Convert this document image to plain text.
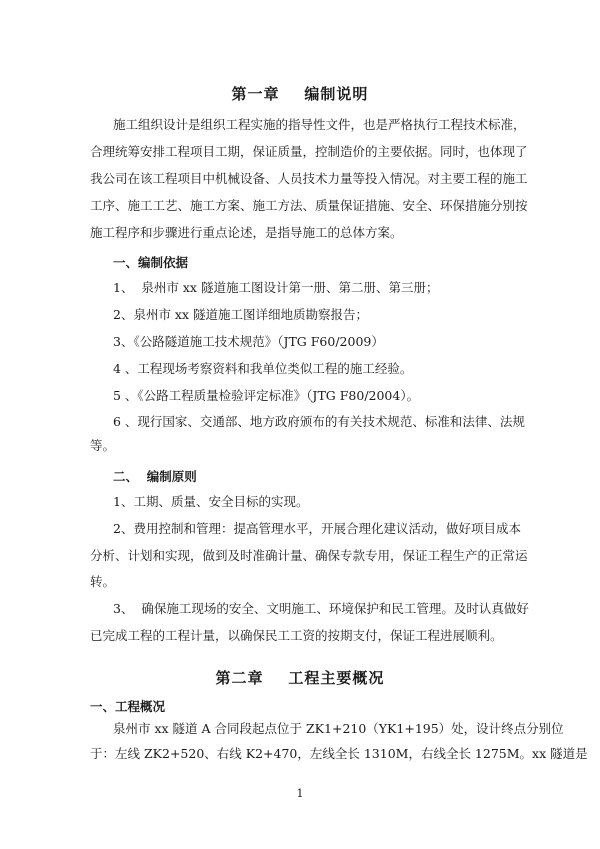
第一章    编制说明
施工组织设计是组织工程实施的指导性文件，也是严格执行工程技术标准，
合理统筹安排工程项目工期，保证质量，控制造价的主要依据。同时，也体现了
我公司在该工程项目中机械设备、人员技术力量等投入情况。对主要工程的施工
工序、施工工艺、施工方案、施工方法、质量保证措施、安全、环保措施分别按
施工程序和步骤进行重点论述，是指导施工的总体方案。
一、编制依据
1、  泉州市 xx 隧道施工图设计第一册、第二册、第三册；
2、泉州市 xx 隧道施工图详细地质勘察报告；
3、《公路隧道施工技术规范》（JTG F60/2009）
4 、工程现场考察资料和我单位类似工程的施工经验。
5 、《公路工程质量检验评定标准》（JTG F80/2004）。
6 、现行国家、交通部、地方政府颁布的有关技术规范、标准和法律、法规
等。
二、  编制原则
1、工期、质量、安全目标的实现。
2、费用控制和管理：提高管理水平，开展合理化建议活动，做好项目成本
分析、计划和实现，做到及时准确计量、确保专款专用，保证工程生产的正常运
转。
3、  确保施工现场的安全、文明施工、环境保护和民工管理。及时认真做好
已完成工程的工程计量，以确保民工工资的按期支付，保证工程进展顺利。
第二章    工程主要概况
一、工程概况
泉州市 xx 隧道 A 合同段起点位于 ZK1+210（YK1+195）处，设计终点分别位
于：左线 ZK2+520、右线 K2+470，左线全长 1310M，右线全长 1275M。xx 隧道是
1
